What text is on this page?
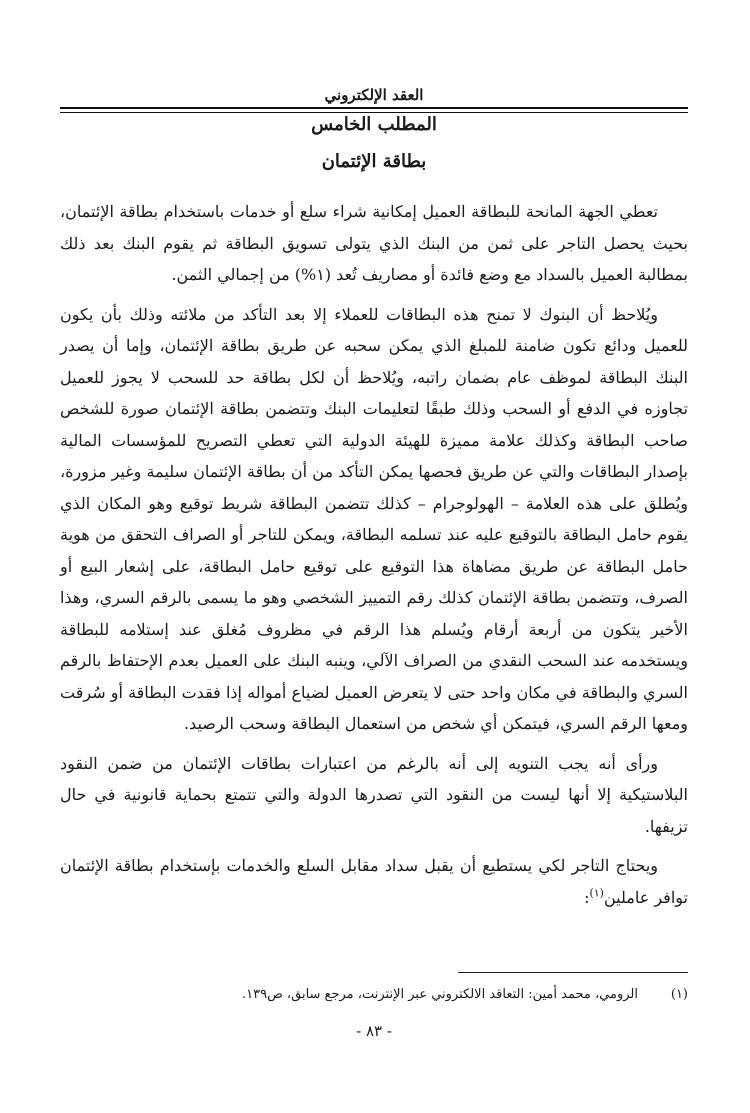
العقد الإلكتروني
المطلب الخامس
بطاقة الإئتمان

تعطي الجهة المانحة للبطاقة العميل إمكانية شراء سلع أو خدمات باستخدام بطاقة الإئتمان، بحيث يحصل التاجر على ثمن من البنك الذي يتولى تسويق البطاقة ثم يقوم البنك بعد ذلك بمطالبة العميل بالسداد مع وضع فائدة أو مصاريف تُعد (١%) من إجمالي الثمن.

ويُلاحظ أن البنوك لا تمنح هذه البطاقات للعملاء إلا بعد التأكد من ملائته وذلك بأن يكون للعميل ودائع تكون ضامنة للمبلغ الذي يمكن سحبه عن طريق بطاقة الإئتمان، وإما أن يصدر البنك البطاقة لموظف عام بضمان راتبه، ويُلاحظ أن لكل بطاقة حد للسحب لا يجوز للعميل تجاوزه في الدفع أو السحب وذلك طبقًا لتعليمات البنك وتتضمن بطاقة الإئتمان صورة للشخص صاحب البطاقة وكذلك علامة مميزة للهيئة الدولية التي تعطي التصريح للمؤسسات المالية بإصدار البطاقات والتي عن طريق فحصها يمكن التأكد من أن بطاقة الإئتمان سليمة وغير مزورة، ويُطلق على هذه العلامة – الهولوجرام – كذلك تتضمن البطاقة شريط توقيع وهو المكان الذي يقوم حامل البطاقة بالتوقيع عليه عند تسلمه البطاقة، ويمكن للتاجر أو الصراف التحقق من هوية حامل البطاقة عن طريق مضاهاة هذا التوقيع على توقيع حامل البطاقة، على إشعار البيع أو الصرف، وتتضمن بطاقة الإئتمان كذلك رقم التمييز الشخصي وهو ما يسمى بالرقم السري، وهذا الأخير يتكون من أربعة أرقام ويُسلم هذا الرقم في مظروف مُغلق عند إستلامه للبطاقة ويستخدمه عند السحب النقدي من الصراف الآلي، وينبه البنك على العميل بعدم الإحتفاظ بالرقم السري والبطاقة في مكان واحد حتى لا يتعرض العميل لضياع أمواله إذا فقدت البطاقة أو سُرقت ومعها الرقم السري، فيتمكن أي شخص من استعمال البطاقة وسحب الرصيد.

ورأى أنه يجب التنويه إلى أنه بالرغم من اعتبارات بطاقات الإئتمان من ضمن النقود البلاستيكية إلا أنها ليست من النقود التي تصدرها الدولة والتي تتمتع بحماية قانونية في حال تزيفها.

ويحتاج التاجر لكي يستطيع أن يقبل سداد مقابل السلع والخدمات بإستخدام بطاقة الإئتمان توافر عاملين$^{(١)}$:

(١)الرومي، محمد أمين: التعاقد الالكتروني عبر الإنترنت، مرجع سابق، ص١٣٩.
- ٨٣ -
